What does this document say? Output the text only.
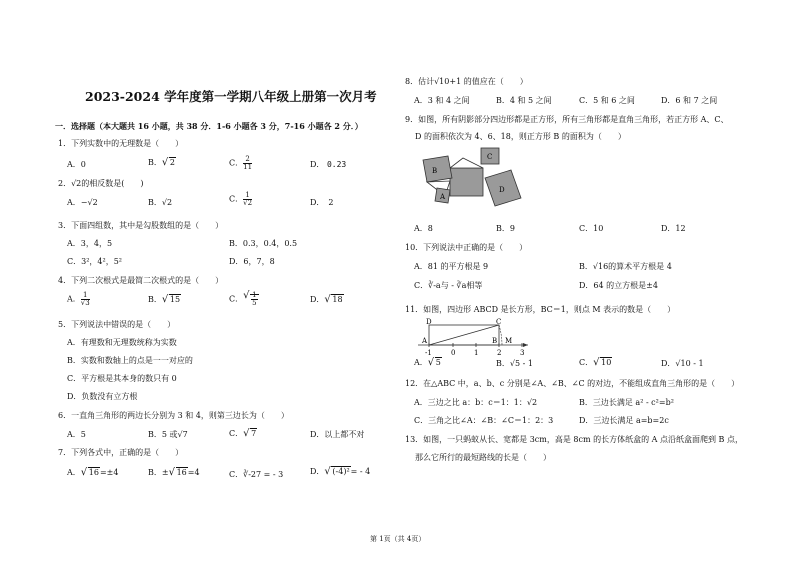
2023-2024 学年度第一学期八年级上册第一次月考
一．选择题（本大题共 16 小题，共 38 分．1-6 小题各 3 分，7-16 小题各 2 分．）
1．下列实数中的无理数是（　　）
A．0	B． √ 2	C． $\frac{2}{11}$	D． 0.23
2．√2的相反数是(　　)
A．−√2	B．√2	C． $\frac{1}{√2}$	D．　2
3．下面四组数，其中是勾股数组的是（　　）
A．3，4，5	B．0.3，0.4，0.5
C．3²，4²，5²	D．6，7，8
4．下列二次根式是最简二次根式的是（　　）
A． $\frac{1}{√3}$	B． √ 15	C． √ $\frac{1}{5}$	D． √ 18
5．下列说法中错误的是（　　）
A．有理数和无理数统称为实数
B．实数和数轴上的点是一一对应的
C．平方根是其本身的数只有 0
D．负数没有立方根
6．一直角三角形的两边长分别为 3 和 4，则第三边长为（　　）
A．5	B．5 或√7	C． √ 7	D．以上都不对
7．下列各式中，正确的是（　　）
A． √ 16=±4	B．± √ 16=4	C．∛-27 = - 3	D． √ (-4)²= - 4
8．估计√10+1 的值应在（　　）
A．3 和 4 之间	B．4 和 5 之间	C．5 和 6 之间	D．6 和 7 之间
9．如图，所有阴影部分四边形都是正方形，所有三角形都是直角三角形，若正方形 A、C、
D 的面积依次为 4、6、18，则正方形 B 的面积为（　　）
A
B
C
D
A．8	B．9	C．10	D．12
10．下列说法中正确的是（　　）
A．81 的平方根是 9	B．√16的算术平方根是 4
C．∛-a与 - ∛a相等	D．64 的立方根是±4
11．如图，四边形 ABCD 是长方形，BC＝1，则点 M 表示的数是（　　）
D	C
A	B M
-1	0	1	2	3
A． √ 5	B．√5 - 1	C． √ 10	D．√10 - 1
12．在△ABC 中，a、b、c 分别是∠A、∠B、∠C 的对边，不能组成直角三角形的是（　　）
A．三边之比 a：b：c＝1：1：√2	B．三边长满足 a² - c²=b²
C．三角之比∠A：∠B：∠C＝1：2：3	D．三边长满足 a=b=2c
13．如图，一只蚂蚁从长、宽都是 3cm，高是 8cm 的长方体纸盒的 A 点沿纸盒面爬到 B 点，
那么它所行的最短路线的长是（　　）
第 1页（共 4页）
